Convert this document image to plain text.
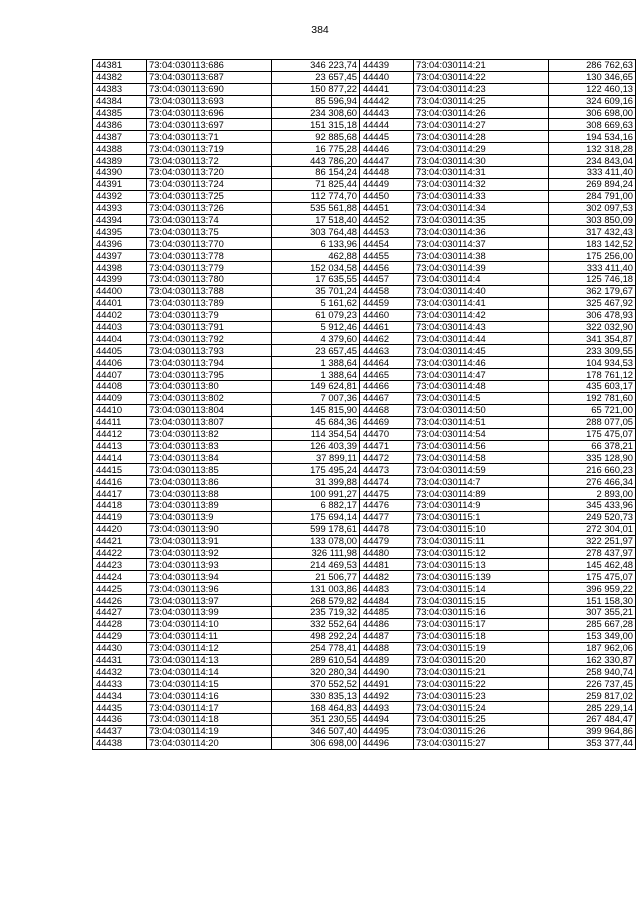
384
44381	73:04:030113:686	346 223,74
44382	73:04:030113:687	23 657,45
44383	73:04:030113:690	150 877,22
44384	73:04:030113:693	85 596,94
44385	73:04:030113:696	234 308,60
44386	73:04:030113:697	151 315,18
44387	73:04:030113:71	92 885,68
44388	73:04:030113:719	16 775,28
44389	73:04:030113:72	443 786,20
44390	73:04:030113:720	86 154,24
44391	73:04:030113:724	71 825,44
44392	73:04:030113:725	112 774,70
44393	73:04:030113:726	535 561,88
44394	73:04:030113:74	17 518,40
44395	73:04:030113:75	303 764,48
44396	73:04:030113:770	6 133,96
44397	73:04:030113:778	462,88
44398	73:04:030113:779	152 034,58
44399	73:04:030113:780	17 635,55
44400	73:04:030113:788	35 701,24
44401	73:04:030113:789	5 161,62
44402	73:04:030113:79	61 079,23
44403	73:04:030113:791	5 912,46
44404	73:04:030113:792	4 379,60
44405	73:04:030113:793	23 657,45
44406	73:04:030113:794	1 388,64
44407	73:04:030113:795	1 388,64
44408	73:04:030113:80	149 624,81
44409	73:04:030113:802	7 007,36
44410	73:04:030113:804	145 815,90
44411	73:04:030113:807	45 684,36
44412	73:04:030113:82	114 354,54
44413	73:04:030113:83	126 403,39
44414	73:04:030113:84	37 899,11
44415	73:04:030113:85	175 495,24
44416	73:04:030113:86	31 399,88
44417	73:04:030113:88	100 991,27
44418	73:04:030113:89	6 882,17
44419	73:04:030113:9	175 694,14
44420	73:04:030113:90	599 178,61
44421	73:04:030113:91	133 078,00
44422	73:04:030113:92	326 111,98
44423	73:04:030113:93	214 469,53
44424	73:04:030113:94	21 506,77
44425	73:04:030113:96	131 003,86
44426	73:04:030113:97	268 579,82
44427	73:04:030113:99	235 719,32
44428	73:04:030114:10	332 552,64
44429	73:04:030114:11	498 292,24
44430	73:04:030114:12	254 778,41
44431	73:04:030114:13	289 610,54
44432	73:04:030114:14	320 280,34
44433	73:04:030114:15	370 552,52
44434	73:04:030114:16	330 835,13
44435	73:04:030114:17	168 464,83
44436	73:04:030114:18	351 230,55
44437	73:04:030114:19	346 507,40
44438	73:04:030114:20	306 698,00
44439	73:04:030114:21	286 762,63
44440	73:04:030114:22	130 346,65
44441	73:04:030114:23	122 460,13
44442	73:04:030114:25	324 609,16
44443	73:04:030114:26	306 698,00
44444	73:04:030114:27	308 669,63
44445	73:04:030114:28	194 534,16
44446	73:04:030114:29	132 318,28
44447	73:04:030114:30	234 843,04
44448	73:04:030114:31	333 411,40
44449	73:04:030114:32	269 894,24
44450	73:04:030114:33	284 791,00
44451	73:04:030114:34	302 097,53
44452	73:04:030114:35	303 850,09
44453	73:04:030114:36	317 432,43
44454	73:04:030114:37	183 142,52
44455	73:04:030114:38	175 256,00
44456	73:04:030114:39	333 411,40
44457	73:04:030114:4	125 746,18
44458	73:04:030114:40	362 179,67
44459	73:04:030114:41	325 467,92
44460	73:04:030114:42	306 478,93
44461	73:04:030114:43	322 032,90
44462	73:04:030114:44	341 354,87
44463	73:04:030114:45	233 309,55
44464	73:04:030114:46	104 934,53
44465	73:04:030114:47	178 761,12
44466	73:04:030114:48	435 603,17
44467	73:04:030114:5	192 781,60
44468	73:04:030114:50	65 721,00
44469	73:04:030114:51	288 077,05
44470	73:04:030114:54	175 475,07
44471	73:04:030114:56	66 378,21
44472	73:04:030114:58	335 128,90
44473	73:04:030114:59	216 660,23
44474	73:04:030114:7	276 466,34
44475	73:04:030114:89	2 893,00
44476	73:04:030114:9	345 433,96
44477	73:04:030115:1	249 520,73
44478	73:04:030115:10	272 304,01
44479	73:04:030115:11	322 251,97
44480	73:04:030115:12	278 437,97
44481	73:04:030115:13	145 462,48
44482	73:04:030115:139	175 475,07
44483	73:04:030115:14	396 959,22
44484	73:04:030115:15	151 158,30
44485	73:04:030115:16	307 355,21
44486	73:04:030115:17	285 667,28
44487	73:04:030115:18	153 349,00
44488	73:04:030115:19	187 962,06
44489	73:04:030115:20	162 330,87
44490	73:04:030115:21	258 940,74
44491	73:04:030115:22	226 737,45
44492	73:04:030115:23	259 817,02
44493	73:04:030115:24	285 229,14
44494	73:04:030115:25	267 484,47
44495	73:04:030115:26	399 964,86
44496	73:04:030115:27	353 377,44
